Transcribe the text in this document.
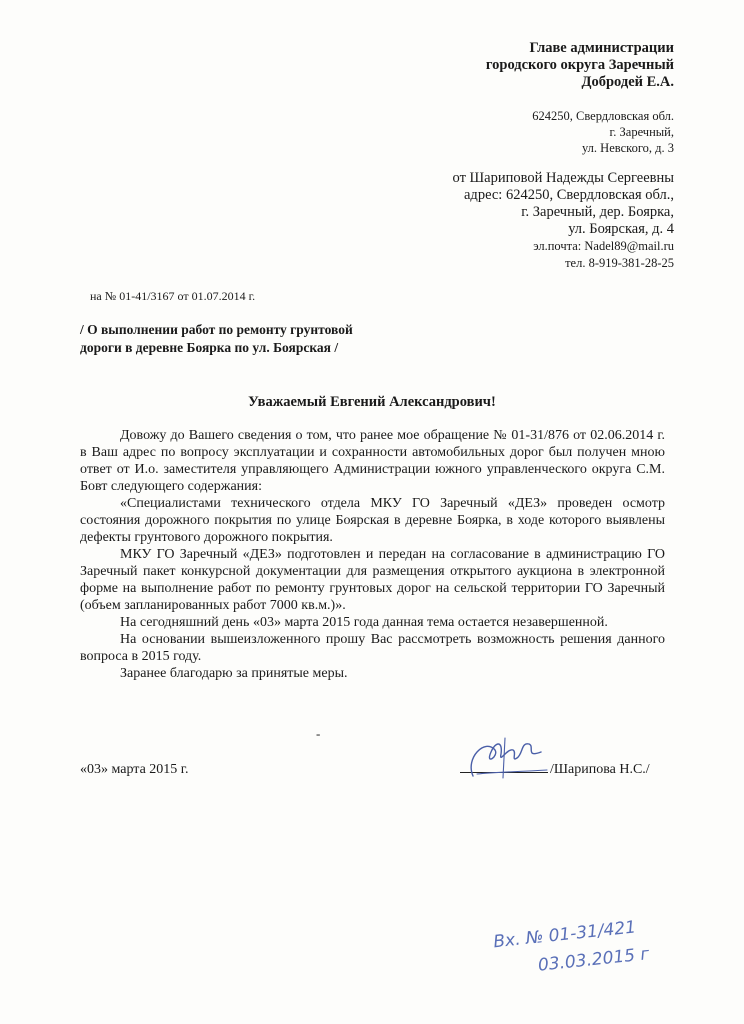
Главе администрации
городского округа Заречный
Добродей Е.А.
624250, Свердловская обл.
г. Заречный,
ул. Невского, д. 3
от Шариповой Надежды Сергеевны
адрес: 624250, Свердловская обл.,
г. Заречный, дер. Боярка,
ул. Боярская, д. 4
эл.почта: Nadel89@mail.ru
тел. 8-919-381-28-25
на № 01-41/3167 от 01.07.2014 г.
/ О выполнении работ по ремонту грунтовой
дороги в деревне Боярка по ул. Боярская /
Уважаемый Евгений Александрович!

Довожу до Вашего сведения о том, что ранее мое обращение № 01-31/876 от 02.06.2014 г. в Ваш адрес по вопросу эксплуатации и сохранности автомобильных дорог был получен мною ответ от И.о. заместителя управляющего Администрации южного управленческого округа С.М. Бовт следующего содержания:

«Специалистами технического отдела МКУ ГО Заречный «ДЕЗ» проведен осмотр состояния дорожного покрытия по улице Боярская в деревне Боярка, в ходе которого выявлены дефекты грунтового дорожного покрытия.

МКУ ГО Заречный «ДЕЗ» подготовлен и передан на согласование в администрацию ГО Заречный пакет конкурсной документации для размещения открытого аукциона в электронной форме на выполнение работ по ремонту грунтовых дорог на сельской территории ГО Заречный (объем запланированных работ 7000 кв.м.)».

На сегодняшний день «03» марта 2015 года данная тема остается незавершенной.

На основании вышеизложенного прошу Вас рассмотреть возможность решения данного вопроса в 2015 году.

Заранее благодарю за принятые меры.

-
«03» марта 2015 г.	/Шарипова Н.С./
Вх. № 01-31/421
03.03.2015 г
